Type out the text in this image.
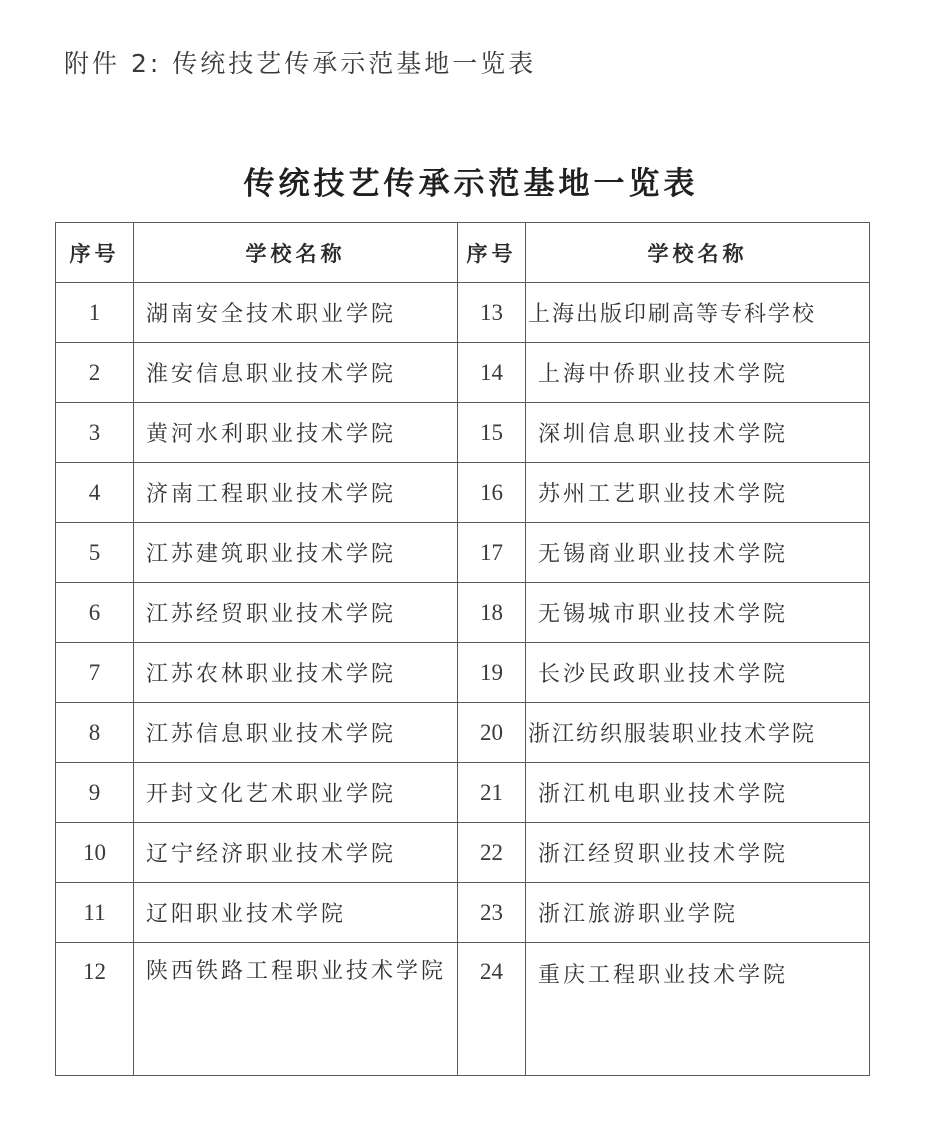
附件 2: 传统技艺传承示范基地一览表
传统技艺传承示范基地一览表
序号	学校名称	序号	学校名称
1	湖南安全技术职业学院	13	上海出版印刷高等专科学校
2	淮安信息职业技术学院	14	上海中侨职业技术学院
3	黄河水利职业技术学院	15	深圳信息职业技术学院
4	济南工程职业技术学院	16	苏州工艺职业技术学院
5	江苏建筑职业技术学院	17	无锡商业职业技术学院
6	江苏经贸职业技术学院	18	无锡城市职业技术学院
7	江苏农林职业技术学院	19	长沙民政职业技术学院
8	江苏信息职业技术学院	20	浙江纺织服装职业技术学院
9	开封文化艺术职业学院	21	浙江机电职业技术学院
10	辽宁经济职业技术学院	22	浙江经贸职业技术学院
11	辽阳职业技术学院	23	浙江旅游职业学院
12	陕西铁路工程职业技术学院	24	重庆工程职业技术学院
